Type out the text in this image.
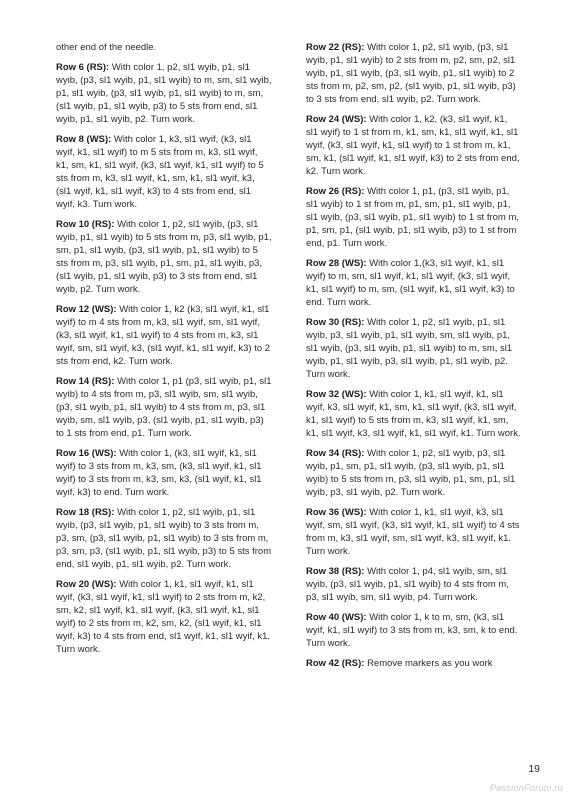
other end of the needle.

Row 6 (RS): With color 1, p2, sl1 wyib, p1, sl1 wyib, (p3, sl1 wyib, p1, sl1 wyib) to m, sm, sl1 wyib, p1, sl1 wyib, (p3, sl1 wyib, p1, sl1 wyib) to m, sm, (sl1 wyib, p1, sl1 wyib, p3) to 5 sts from end, sl1 wyib, p1, sl1 wyib, p2. Turn work.

Row 8 (WS): With color 1, k3, sl1 wyif, (k3, sl1 wyif, k1, sl1 wyif) to m 5 sts from m, k3, sl1 wyif, k1, sm, k1, sl1 wyif, (k3, sl1 wyif, k1, sl1 wyif) to 5 sts from m, k3, sl1 wyif, k1, sm, k1, sl1 wyif, k3, (sl1 wyif, k1, sl1 wyif, k3) to 4 sts from end, sl1 wyif, k3. Turn work.

Row 10 (RS): With color 1, p2, sl1 wyib, (p3, sl1 wyib, p1, sl1 wyib) to 5 sts from m, p3, sl1 wyib, p1, sm, p1, sl1 wyib, (p3, sl1 wyib, p1, sl1 wyib) to 5 sts from m, p3, sl1 wyib, p1, sm, p1, sl1 wyib, p3, (sl1 wyib, p1, sl1 wyib, p3) to 3 sts from end, sl1 wyib, p2. Turn work.

Row 12 (WS): With color 1, k2 (k3, sl1 wyif, k1, sl1 wyif) to m 4 sts from m, k3, sl1 wyif, sm, sl1 wyif, (k3, sl1 wyif, k1, sl1 wyif) to 4 sts from m, k3, sl1 wyif, sm, sl1 wyif, k3, (sl1 wyif, k1, sl1 wyif, k3) to 2 sts from end, k2. Turn work.

Row 14 (RS): With color 1, p1 (p3, sl1 wyib, p1, sl1 wyib) to 4 sts from m, p3, sl1 wyib, sm, sl1 wyib, (p3, sl1 wyib, p1, sl1 wyib) to 4 sts from m, p3, sl1 wyib, sm, sl1 wyib, p3, (sl1 wyib, p1, sl1 wyib, p3) to 1 sts from end, p1. Turn work.

Row 16 (WS): With color 1, (k3, sl1 wyif, k1, sl1 wyif) to 3 sts from m, k3, sm, (k3, sl1 wyif, k1, sl1 wyif) to 3 sts from m, k3, sm, k3, (sl1 wyif, k1, sl1 wyif, k3) to end. Turn work.

Row 18 (RS): With color 1, p2, sl1 wyib, p1, sl1 wyib, (p3, sl1 wyib, p1, sl1 wyib) to 3 sts from m, p3, sm, (p3, sl1 wyib, p1, sl1 wyib) to 3 sts from m, p3, sm, p3, (sl1 wyib, p1, sl1 wyib, p3) to 5 sts from end, sl1 wyib, p1, sl1 wyib, p2. Turn work.

Row 20 (WS): With color 1, k1, sl1 wyif, k1, sl1 wyif, (k3, sl1 wyif, k1, sl1 wyif) to 2 sts from m, k2, sm, k2, sl1 wyif, k1, sl1 wyif, (k3, sl1 wyif, k1, sl1 wyif) to 2 sts from m, k2, sm, k2, (sl1 wyif, k1, sl1 wyif, k3) to 4 sts from end, sl1 wyif, k1, sl1 wyif, k1. Turn work.

Row 22 (RS): With color 1, p2, sl1 wyib, (p3, sl1 wyib, p1, sl1 wyib) to 2 sts from m, p2, sm, p2, sl1 wyib, p1, sl1 wyib, (p3, sl1 wyib, p1, sl1 wyib) to 2 sts from m, p2, sm, p2, (sl1 wyib, p1, sl1 wyib, p3) to 3 sts from end, sl1 wyib, p2. Turn work.

Row 24 (WS): With color 1, k2, (k3, sl1 wyif, k1, sl1 wyif) to 1 st from m, k1, sm, k1, sl1 wyif, k1, sl1 wyif, (k3, sl1 wyif, k1, sl1 wyif) to 1 st from m, k1, sm, k1, (sl1 wyif, k1, sl1 wyif, k3) to 2 sts from end, k2. Turn work.

Row 26 (RS): With color 1, p1, (p3, sl1 wyib, p1, sl1 wyib) to 1 st from m, p1, sm, p1, sl1 wyib, p1, sl1 wyib, (p3, sl1 wyib, p1, sl1 wyib) to 1 st from m, p1, sm, p1, (sl1 wyib, p1, sl1 wyib, p3) to 1 st from end, p1. Turn work.

Row 28 (WS): With color 1,(k3, sl1 wyif, k1, sl1 wyif) to m, sm, sl1 wyif, k1, sl1 wyif, (k3, sl1 wyif, k1, sl1 wyif) to m, sm, (sl1 wyif, k1, sl1 wyif, k3) to end. Turn work.

Row 30 (RS): With color 1, p2, sl1 wyib, p1, sl1 wyib, p3, sl1 wyib, p1, sl1 wyib, sm, sl1 wyib, p1, sl1 wyib, (p3, sl1 wyib, p1, sl1 wyib) to m, sm, sl1 wyib, p1, sl1 wyib, p3, sl1 wyib, p1, sl1 wyib, p2. Turn work.

Row 32 (WS): With color 1, k1, sl1 wyif, k1, sl1 wyif, k3, sl1 wyif, k1, sm, k1, sl1 wyif, (k3, sl1 wyif, k1, sl1 wyif) to 5 sts from m, k3, sl1 wyif, k1, sm, k1, sl1 wyif, k3, sl1 wyif, k1, sl1 wyif, k1. Turn work.

Row 34 (RS): With color 1, p2, sl1 wyib, p3, sl1 wyib, p1, sm, p1, sl1 wyib, (p3, sl1 wyib, p1, sl1 wyib) to 5 sts from m, p3, sl1 wyib, p1, sm, p1, sl1 wyib, p3, sl1 wyib, p2. Turn work.

Row 36 (WS): With color 1, k1, sl1 wyif, k3, sl1 wyif, sm, sl1 wyif, (k3, sl1 wyif, k1, sl1 wyif) to 4 sts from m, k3, sl1 wyif, sm, sl1 wyif, k3, sl1 wyif, k1. Turn work.

Row 38 (RS): With color 1, p4, sl1 wyib, sm, sl1 wyib, (p3, sl1 wyib, p1, sl1 wyib) to 4 sts from m, p3, sl1 wyib, sm, sl1 wyib, p4. Turn work.

Row 40 (WS): With color 1, k to m, sm, (k3, sl1 wyif, k1, sl1 wyif) to 3 sts from m, k3, sm, k to end. Turn work.

Row 42 (RS): Remove markers as you work

19
PassionForum.ru
